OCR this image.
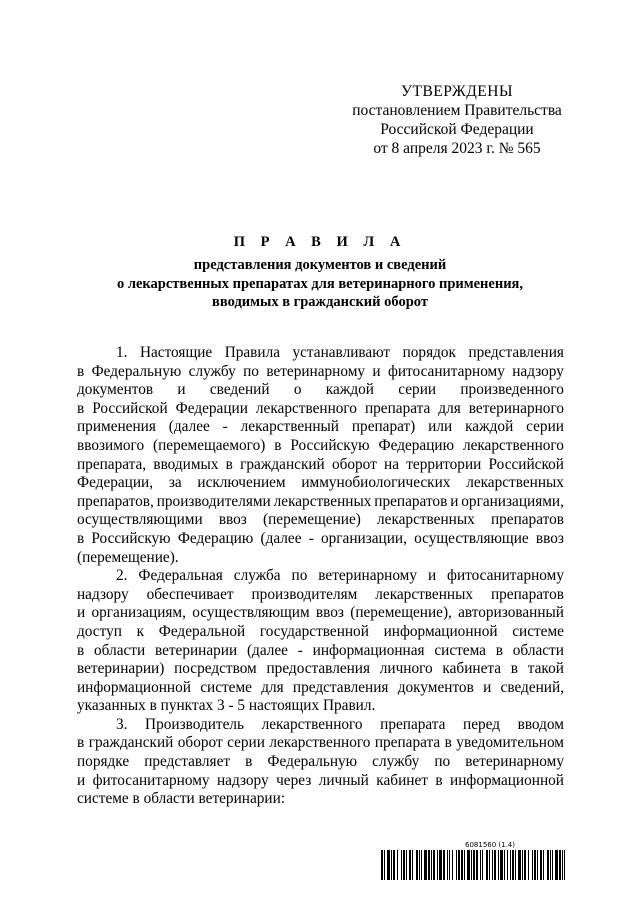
УТВЕРЖДЕНЫ
постановлением Правительства
Российской Федерации
от 8 апреля 2023 г. № 565
П Р А В И Л А
представления документов и сведений
о лекарственных препаратах для ветеринарного применения,
вводимых в гражданский оборот
1. Настоящие Правила устанавливают порядок представления
в Федеральную службу по ветеринарному и фитосанитарному надзору
документов и сведений о каждой серии произведенного
в Российской Федерации лекарственного препарата для ветеринарного
применения (далее - лекарственный препарат) или каждой серии
ввозимого (перемещаемого) в Российскую Федерацию лекарственного
препарата, вводимых в гражданский оборот на территории Российской
Федерации, за исключением иммунобиологических лекарственных
препаратов, производителями лекарственных препаратов и организациями,
осуществляющими ввоз (перемещение) лекарственных препаратов
в Российскую Федерацию (далее - организации, осуществляющие ввоз
(перемещение).
2. Федеральная служба по ветеринарному и фитосанитарному
надзору обеспечивает производителям лекарственных препаратов
и организациям, осуществляющим ввоз (перемещение), авторизованный
доступ к Федеральной государственной информационной системе
в области ветеринарии (далее - информационная система в области
ветеринарии) посредством предоставления личного кабинета в такой
информационной системе для представления документов и сведений,
указанных в пунктах 3 - 5 настоящих Правил.
3. Производитель лекарственного препарата перед вводом
в гражданский оборот серии лекарственного препарата в уведомительном
порядке представляет в Федеральную службу по ветеринарному
и фитосанитарному надзору через личный кабинет в информационной
системе в области ветеринарии:
6081560 (1.4)
